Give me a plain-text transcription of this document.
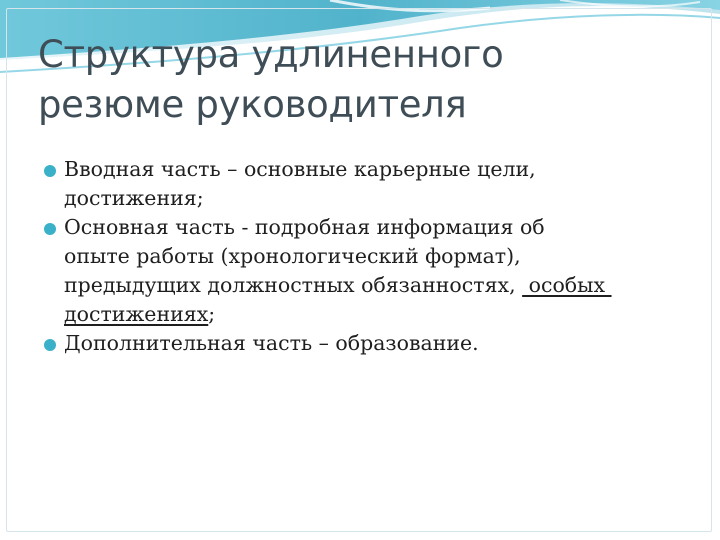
Структура удлиненного
резюме руководителя
Вводная часть – основные карьерные цели,
достижения;
Основная часть - подробная информация об
опыте работы (хронологический формат),
предыдущих должностных обязанностях,  особых
достижениях;
Дополнительная часть – образование.
